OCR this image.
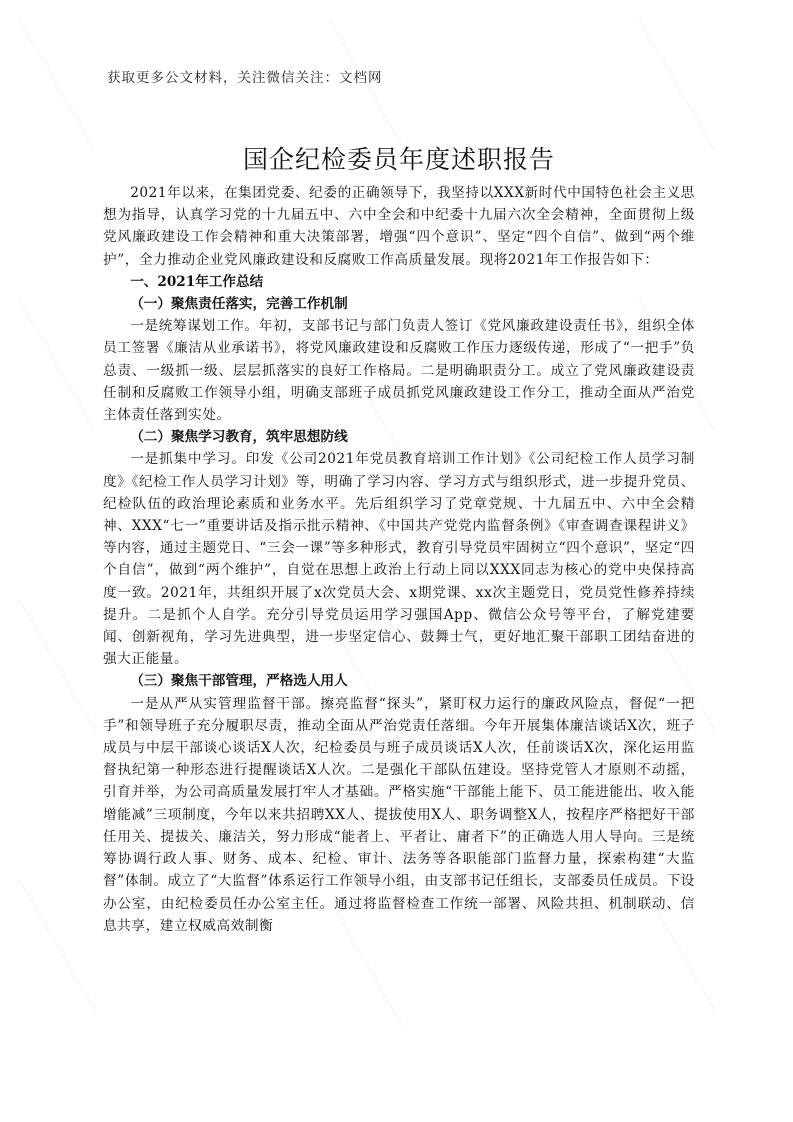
获取更多公文材料，关注微信关注：文档网
国企纪检委员年度述职报告

2021年以来，在集团党委、纪委的正确领导下，我坚持以XXX新时代中国特色社会主义思想为指导，认真学习党的十九届五中、六中全会和中纪委十九届六次全会精神，全面贯彻上级党风廉政建设工作会精神和重大决策部署，增强“四个意识”、坚定“四个自信”、做到“两个维护”，全力推动企业党风廉政建设和反腐败工作高质量发展。现将2021年工作报告如下：

一、2021年工作总结

（一）聚焦责任落实，完善工作机制

一是统筹谋划工作。年初，支部书记与部门负责人签订《党风廉政建设责任书》，组织全体员工签署《廉洁从业承诺书》，将党风廉政建设和反腐败工作压力逐级传递，形成了“一把手”负总责、一级抓一级、层层抓落实的良好工作格局。二是明确职责分工。成立了党风廉政建设责任制和反腐败工作领导小组，明确支部班子成员抓党风廉政建设工作分工，推动全面从严治党主体责任落到实处。

（二）聚焦学习教育，筑牢思想防线

一是抓集中学习。印发《公司2021年党员教育培训工作计划》《公司纪检工作人员学习制度》《纪检工作人员学习计划》等，明确了学习内容、学习方式与组织形式，进一步提升党员、纪检队伍的政治理论素质和业务水平。先后组织学习了党章党规、十九届五中、六中全会精神、XXX“七一”重要讲话及指示批示精神、《中国共产党党内监督条例》《审查调查课程讲义》等内容，通过主题党日、“三会一课”等多种形式，教育引导党员牢固树立“四个意识”，坚定“四个自信”，做到“两个维护”，自觉在思想上政治上行动上同以XXX同志为核心的党中央保持高度一致。2021年，共组织开展了x次党员大会、x期党课、xx次主题党日，党员党性修养持续提升。二是抓个人自学。充分引导党员运用学习强国App、微信公众号等平台，了解党建要闻、创新视角，学习先进典型，进一步坚定信心、鼓舞士气，更好地汇聚干部职工团结奋进的强大正能量。

（三）聚焦干部管理，严格选人用人

一是从严从实管理监督干部。擦亮监督“探头”，紧盯权力运行的廉政风险点，督促“一把手”和领导班子充分履职尽责，推动全面从严治党责任落细。今年开展集体廉洁谈话X次，班子成员与中层干部谈心谈话X人次，纪检委员与班子成员谈话X人次，任前谈话X次，深化运用监督执纪第一种形态进行提醒谈话X人次。二是强化干部队伍建设。坚持党管人才原则不动摇，引育并举，为公司高质量发展打牢人才基础。严格实施“干部能上能下、员工能进能出、收入能增能减”三项制度，今年以来共招聘XX人、提拔使用X人、职务调整X人，按程序严格把好干部任用关、提拔关、廉洁关，努力形成“能者上、平者让、庸者下”的正确选人用人导向。三是统筹协调行政人事、财务、成本、纪检、审计、法务等各职能部门监督力量，探索构建“大监督”体制。成立了“大监督”体系运行工作领导小组，由支部书记任组长，支部委员任成员。下设办公室，由纪检委员任办公室主任。通过将监督检查工作统一部署、风险共担、机制联动、信息共享，建立权威高效制衡
